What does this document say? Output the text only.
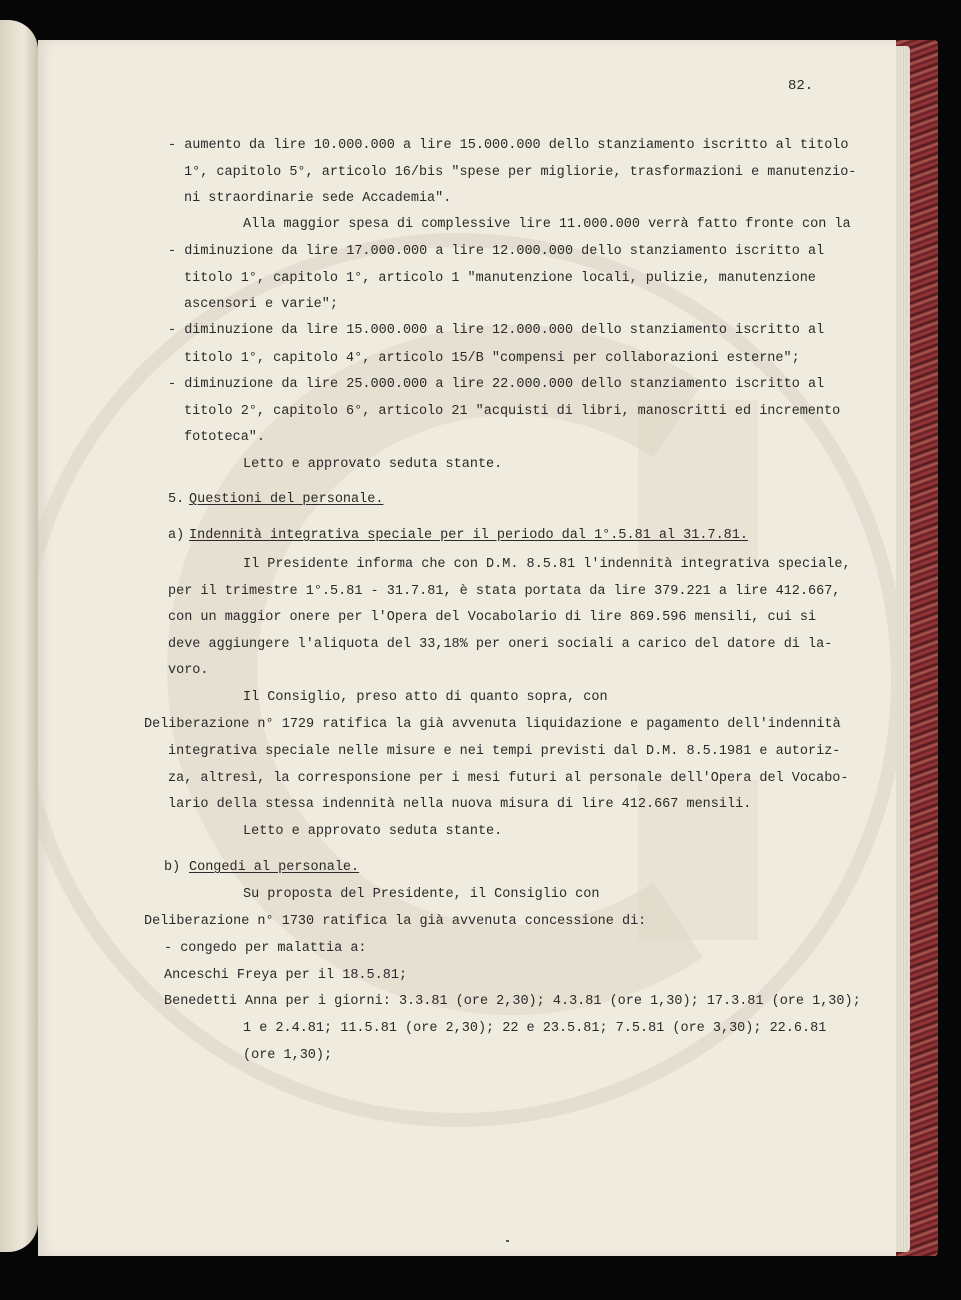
82.
- aumento da lire 10.000.000 a lire 15.000.000 dello stanziamento iscritto al titolo
1°, capitolo 5°, articolo 16/bis "spese per migliorie, trasformazioni e manutenzio-
ni straordinarie sede Accademia".
Alla maggior spesa di complessive lire 11.000.000 verrà fatto fronte con la
- diminuzione da lire 17.000.000 a lire 12.000.000 dello stanziamento iscritto al
titolo 1°, capitolo 1°, articolo 1 "manutenzione locali, pulizie, manutenzione
ascensori e varie";
- diminuzione da lire 15.000.000 a lire 12.000.000 dello stanziamento iscritto al
titolo 1°, capitolo 4°, articolo 15/B "compensi per collaborazioni esterne";
- diminuzione da lire 25.000.000 a lire 22.000.000 dello stanziamento iscritto al
titolo 2°, capitolo 6°, articolo 21 "acquisti di libri, manoscritti ed incremento
fototeca".
Letto e approvato seduta stante.
5. Questioni del personale.
a) Indennità integrativa speciale per il periodo dal 1°.5.81 al 31.7.81.
Il Presidente informa che con D.M. 8.5.81 l'indennità integrativa speciale,
per il trimestre 1°.5.81 - 31.7.81, è stata portata da lire 379.221 a lire 412.667,
con un maggior onere per l'Opera del Vocabolario di lire 869.596 mensili, cui si
deve aggiungere l'aliquota del 33,18% per oneri sociali a carico del datore di la-
voro.
Il Consiglio, preso atto di quanto sopra, con
Deliberazione n° 1729 ratifica la già avvenuta liquidazione e pagamento dell'indennità
integrativa speciale nelle misure e nei tempi previsti dal D.M. 8.5.1981 e autoriz-
za, altresì, la corresponsione per i mesi futuri al personale dell'Opera del Vocabo-
lario della stessa indennità nella nuova misura di lire 412.667 mensili.
Letto e approvato seduta stante.
b) Congedi al personale.
Su proposta del Presidente, il Consiglio con
Deliberazione n° 1730 ratifica la già avvenuta concessione di:
- congedo per malattia a:
Anceschi Freya per il 18.5.81;
Benedetti Anna per i giorni: 3.3.81 (ore 2,30); 4.3.81 (ore 1,30); 17.3.81 (ore 1,30);
1 e 2.4.81; 11.5.81 (ore 2,30); 22 e 23.5.81; 7.5.81 (ore 3,30); 22.6.81
(ore 1,30);
